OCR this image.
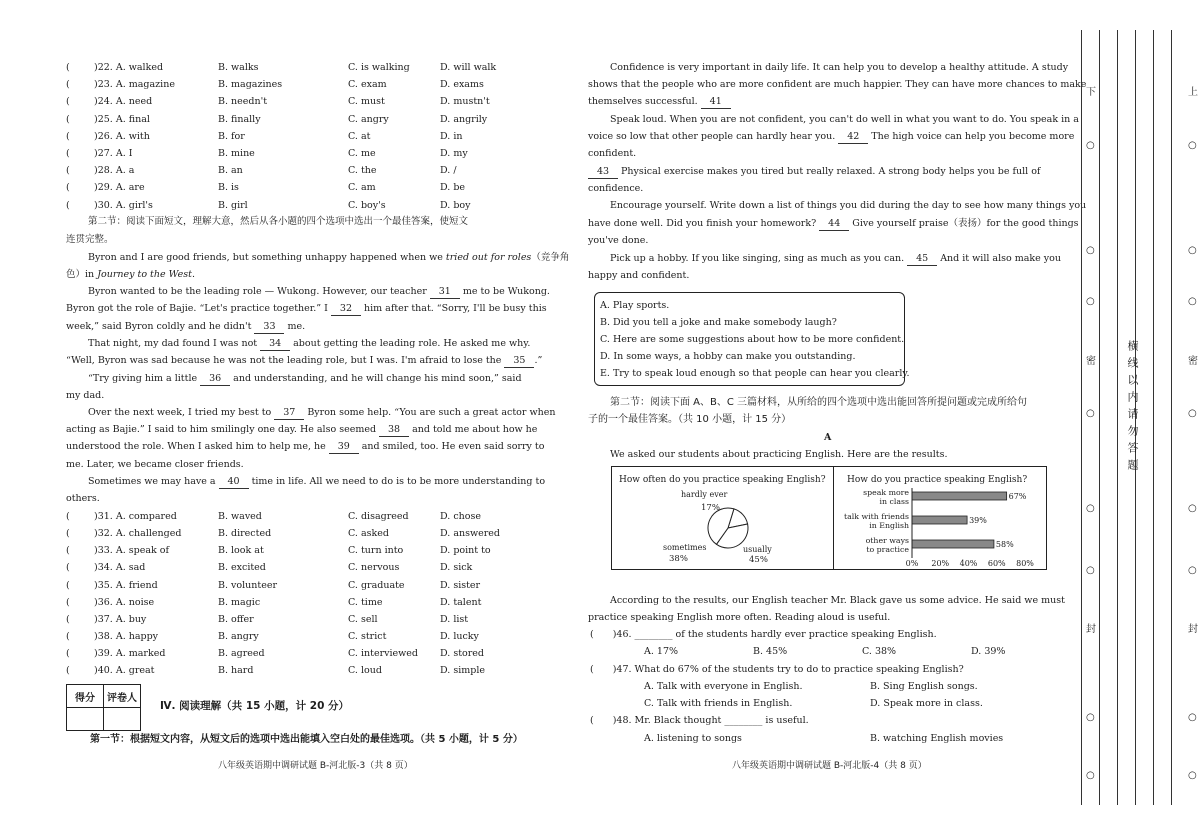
(	)22. A. walked	B. walks	C. is walking	D. will walk
(	)23. A. magazine	B. magazines	C. exam	D. exams
(	)24. A. need	B. needn't	C. must	D. mustn't
(	)25. A. final	B. finally	C. angry	D. angrily
(	)26. A. with	B. for	C. at	D. in
(	)27. A. I	B. mine	C. me	D. my
(	)28. A. a	B. an	C. the	D. /
(	)29. A. are	B. is	C. am	D. be
(	)30. A. girl's	B. girl	C. boy's	D. boy
第二节：阅读下面短文，理解大意，然后从各小题的四个选项中选出一个最佳答案，使短文
连贯完整。
Byron and I are good friends, but something unhappy happened when we tried out for roles（竞争角
色）in Journey to the West.
Byron wanted to be the leading role — Wukong. However, our teacher 31 me to be Wukong.
Byron got the role of Bajie. “Let's practice together.” I 32 him after that. “Sorry, I'll be busy this
week,” said Byron coldly and he didn't 33 me.
That night, my dad found I was not 34 about getting the leading role. He asked me why.
“Well, Byron was sad because he was not the leading role, but I was. I'm afraid to lose the 35 .”
“Try giving him a little 36 and understanding, and he will change his mind soon,” said
my dad.
Over the next week, I tried my best to 37 Byron some help. “You are such a great actor when
acting as Bajie.” I said to him smilingly one day. He also seemed 38 and told me about how he
understood the role. When I asked him to help me, he 39 and smiled, too. He even said sorry to
me. Later, we became closer friends.
Sometimes we may have a 40 time in life. All we need to do is to be more understanding to
others.
(	)31. A. compared	B. waved	C. disagreed	D. chose
(	)32. A. challenged	B. directed	C. asked	D. answered
(	)33. A. speak of	B. look at	C. turn into	D. point to
(	)34. A. sad	B. excited	C. nervous	D. sick
(	)35. A. friend	B. volunteer	C. graduate	D. sister
(	)36. A. noise	B. magic	C. time	D. talent
(	)37. A. buy	B. offer	C. sell	D. list
(	)38. A. happy	B. angry	C. strict	D. lucky
(	)39. A. marked	B. agreed	C. interviewed D. stored
(	)40. A. great	B. hard	C. loud	D. simple
Confidence is very important in daily life. It can help you to develop a healthy attitude. A study
shows that the people who are more confident are much happier. They can have more chances to make
themselves successful. 41
Speak loud. When you are not confident, you can't do well in what you want to do. You speak in a
voice so low that other people can hardly hear you. 42 The high voice can help you become more
confident.
43 Physical exercise makes you tired but really relaxed. A strong body helps you be full of
confidence.
Encourage yourself. Write down a list of things you did during the day to see how many things you
have done well. Did you finish your homework? 44 Give yourself praise（表扬）for the good things
you've done.
Pick up a hobby. If you like singing, sing as much as you can. 45 And it will also make you
happy and confident.
A. Play sports.
B. Did you tell a joke and make somebody laugh?
C. Here are some suggestions about how to be more confident.
D. In some ways, a hobby can make you outstanding.
E. Try to speak loud enough so that people can hear you clearly.
第二节：阅读下面 A、B、C 三篇材料，从所给的四个选项中选出能回答所提问题或完成所给句
子的一个最佳答案。（共 10 小题，计 15 分）
A
We asked our students about practicing English. Here are the results.
According to the results, our English teacher Mr. Black gave us some advice. He said we must
practice speaking English more often. Reading aloud is useful.
(　　)46. ________ of the students hardly ever practice speaking English.
A. 17%	B. 45%	C. 38%	D. 39%
(　　)47. What do 67% of the students try to do to practice speaking English?
A. Talk with everyone in English.	B. Sing English songs.
C. Talk with friends in English.	D. Speak more in class.
(　　)48. Mr. Black thought ________ is useful.
A. listening to songs	B. watching English movies
得分	评卷人

Ⅳ. 阅读理解（共 15 小题，计 20 分）
第一节：根据短文内容，从短文后的选项中选出能填入空白处的最佳选项。（共 5 小题，计 5 分）
八年级英语期中调研试题 B-河北版-3（共 8 页）	八年级英语期中调研试题 B-河北版-4（共 8 页）
How often do you practice speaking English?
hardly ever
17%
sometimes
38%
usually
45%
How do you practice speaking English?
67%
speak more
in class
39%
talk with friends
in English
58%
other ways
to practice
0% 20% 40% 60% 80%
下
○
○
○
密
○
○
○
封
○
○
上
○
○
○
密
○
○
○
封
○
○
横线以内请勿答题
